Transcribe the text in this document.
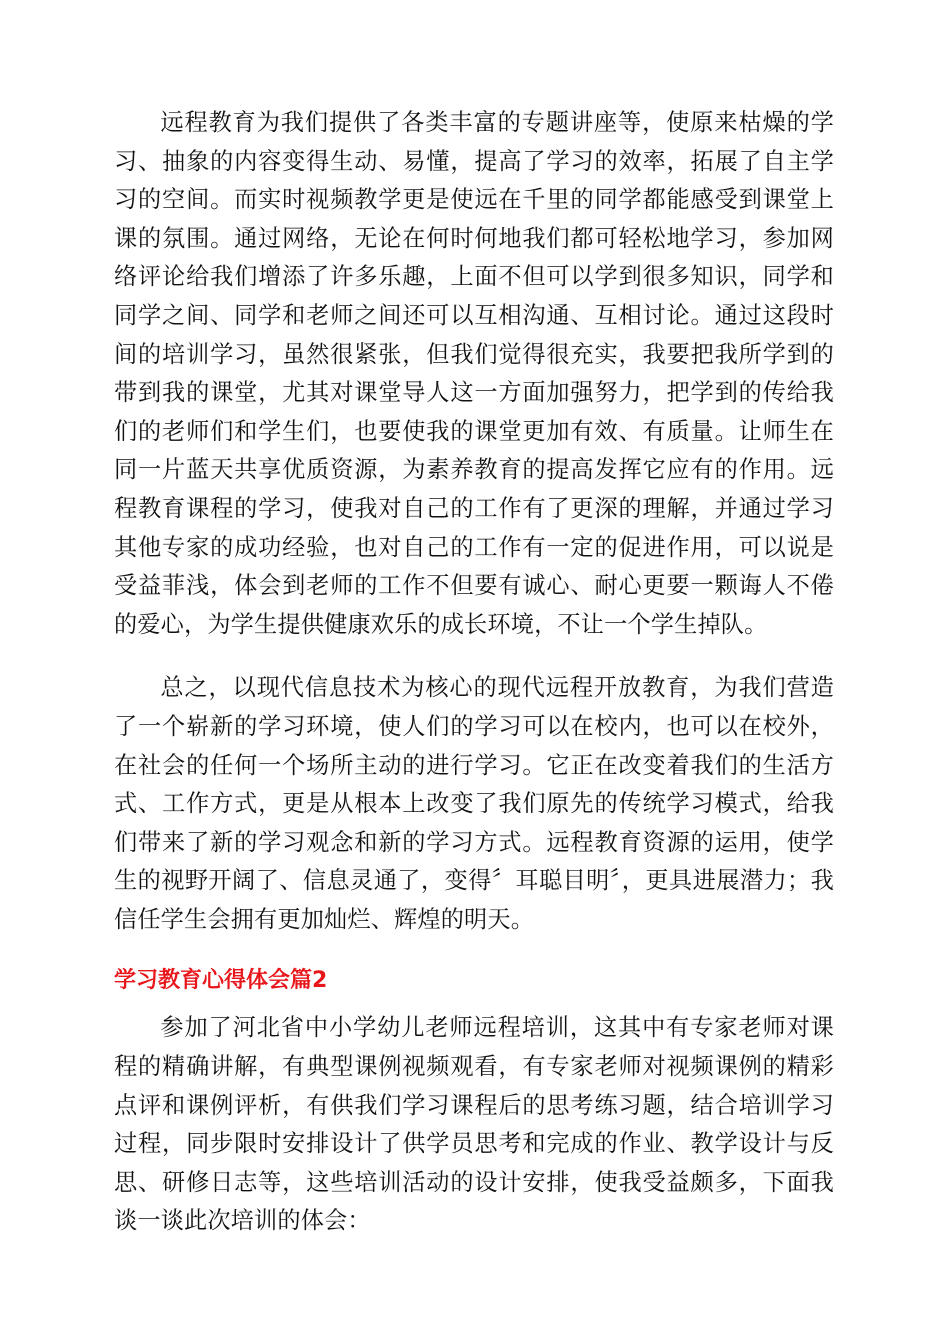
远程教育为我们提供了各类丰富的专题讲座等，使原来枯燥的学习、抽象的内容变得生动、易懂，提高了学习的效率，拓展了自主学习的空间。而实时视频教学更是使远在千里的同学都能感受到课堂上课的氛围。通过网络，无论在何时何地我们都可轻松地学习，参加网络评论给我们增添了许多乐趣，上面不但可以学到很多知识，同学和同学之间、同学和老师之间还可以互相沟通、互相讨论。通过这段时间的培训学习，虽然很紧张，但我们觉得很充实，我要把我所学到的带到我的课堂，尤其对课堂导人这一方面加强努力，把学到的传给我们的老师们和学生们，也要使我的课堂更加有效、有质量。让师生在同一片蓝天共享优质资源，为素养教育的提高发挥它应有的作用。远程教育课程的学习，使我对自己的工作有了更深的理解，并通过学习其他专家的成功经验，也对自己的工作有一定的促进作用，可以说是受益菲浅，体会到老师的工作不但要有诚心、耐心更要一颗诲人不倦的爱心，为学生提供健康欢乐的成长环境，不让一个学生掉队。

总之，以现代信息技术为核心的现代远程开放教育，为我们营造了一个崭新的学习环境，使人们的学习可以在校内，也可以在校外，在社会的任何一个场所主动的进行学习。它正在改变着我们的生活方式、工作方式，更是从根本上改变了我们原先的传统学习模式，给我们带来了新的学习观念和新的学习方式。远程教育资源的运用，使学生的视野开阔了、信息灵通了，变得〞耳聪目明〞，更具进展潜力；我信任学生会拥有更加灿烂、辉煌的明天。

学习教育心得体会篇2

参加了河北省中小学幼儿老师远程培训，这其中有专家老师对课程的精确讲解，有典型课例视频观看，有专家老师对视频课例的精彩点评和课例评析，有供我们学习课程后的思考练习题，结合培训学习过程，同步限时安排设计了供学员思考和完成的作业、教学设计与反思、研修日志等，这些培训活动的设计安排，使我受益颇多，下面我谈一谈此次培训的体会：
